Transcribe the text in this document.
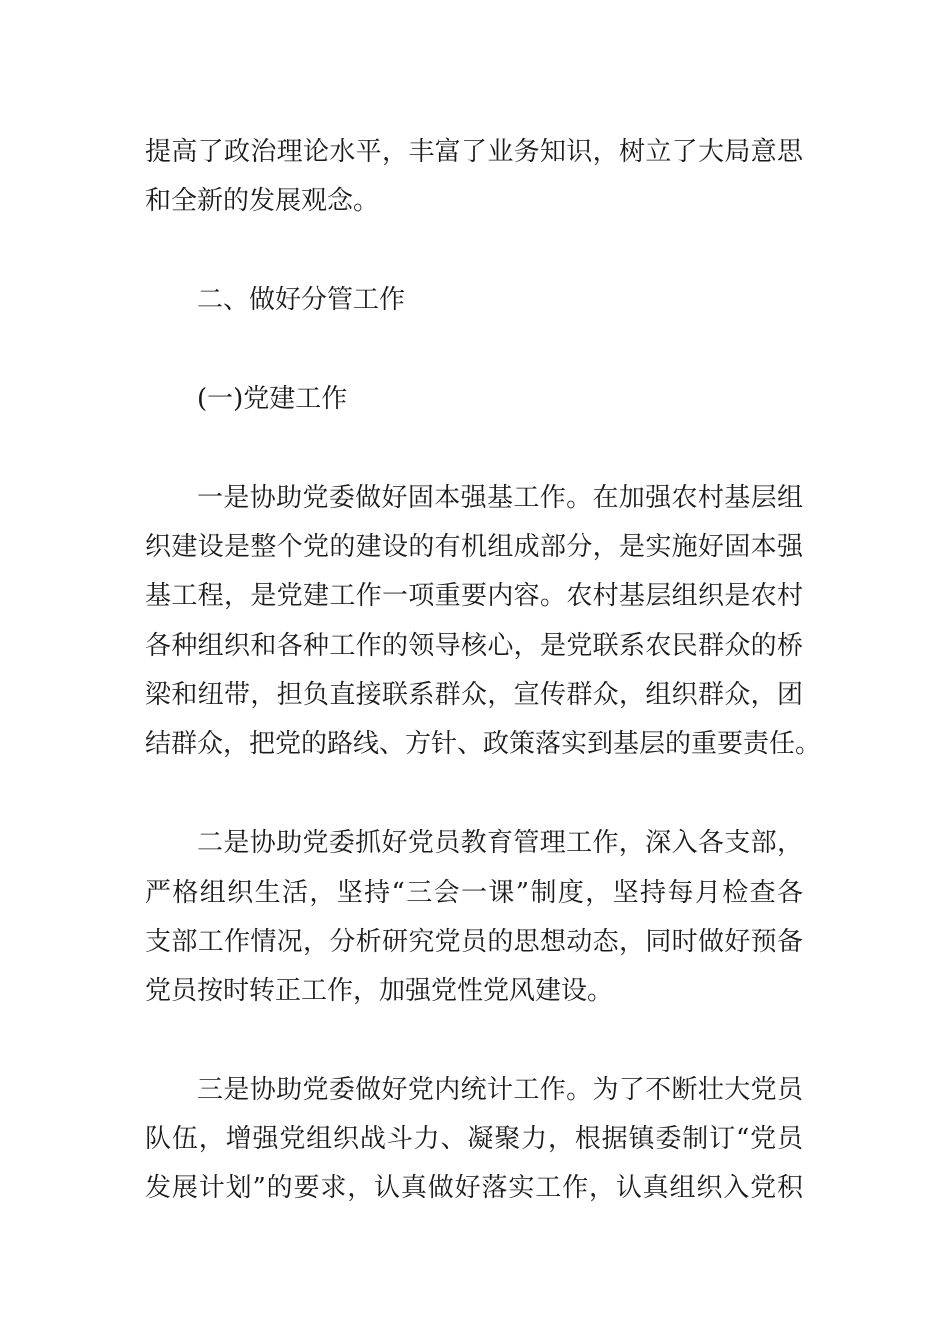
提高了政治理论水平，丰富了业务知识，树立了大局意思
和全新的发展观念。
二、做好分管工作
(一)党建工作
一是协助党委做好固本强基工作。在加强农村基层组
织建设是整个党的建设的有机组成部分，是实施好固本强
基工程，是党建工作一项重要内容。农村基层组织是农村
各种组织和各种工作的领导核心，是党联系农民群众的桥
梁和纽带，担负直接联系群众，宣传群众，组织群众，团
结群众，把党的路线、方针、政策落实到基层的重要责任。
二是协助党委抓好党员教育管理工作，深入各支部，
严格组织生活，坚持“三会一课”制度，坚持每月检查各
支部工作情况，分析研究党员的思想动态，同时做好预备
党员按时转正工作，加强党性党风建设。
三是协助党委做好党内统计工作。为了不断壮大党员
队伍，增强党组织战斗力、凝聚力，根据镇委制订“党员
发展计划”的要求，认真做好落实工作，认真组织入党积
